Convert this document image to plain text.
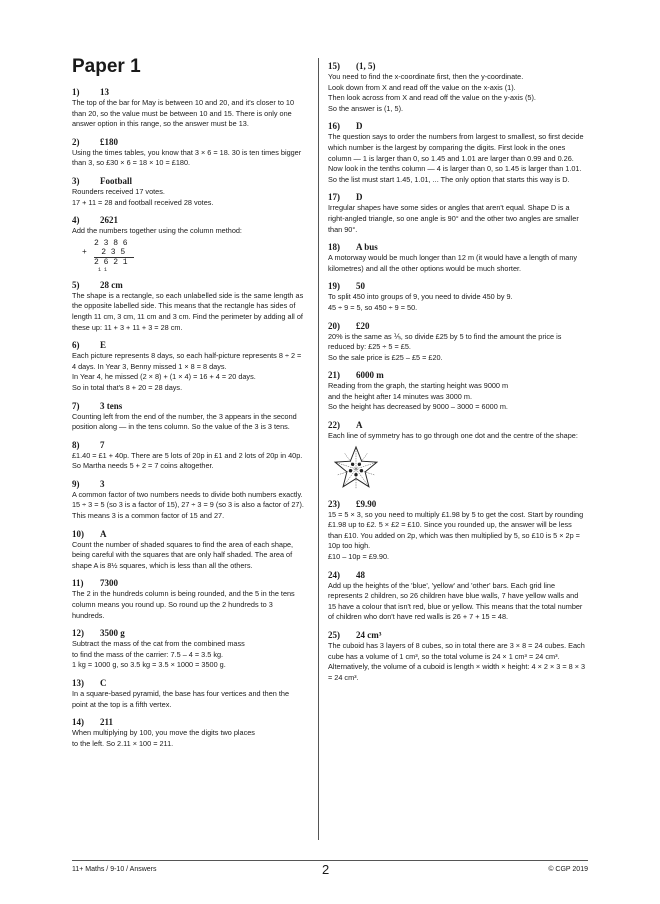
Paper 1
1) 13

The top of the bar for May is between 10 and 20, and it's closer to 10 than 20, so the value must be between 10 and 15. There is only one answer option in this range, so the answer must be 13.

2) £180

Using the times tables, you know that 3 × 6 = 18. 30 is ten times bigger than 3, so £30 × 6 = 18 × 10 = £180.

3) Football

Rounders received 17 votes.

17 + 11 = 28 and football received 28 votes.

4) 2621

Add the numbers together using the column method:

2 3 8 6
+   2 3 5
2 6 2 1
1 1
5) 28 cm

The shape is a rectangle, so each unlabelled side is the same length as the opposite labelled side. This means that the rectangle has sides of length 11 cm, 3 cm, 11 cm and 3 cm. Find the perimeter by adding all of these up: 11 + 3 + 11 + 3 = 28 cm.

6) E

Each picture represents 8 days, so each half-picture represents 8 ÷ 2 = 4 days. In Year 3, Benny missed 1 × 8 = 8 days.

In Year 4, he missed (2 × 8) + (1 × 4) = 16 + 4 = 20 days.

So in total that's 8 + 20 = 28 days.

7) 3 tens

Counting left from the end of the number, the 3 appears in the second position along — in the tens column. So the value of the 3 is 3 tens.

8) 7

£1.40 = £1 + 40p. There are 5 lots of 20p in £1 and 2 lots of 20p in 40p. So Martha needs 5 + 2 = 7 coins altogether.

9) 3

A common factor of two numbers needs to divide both numbers exactly. 15 ÷ 3 = 5 (so 3 is a factor of 15), 27 ÷ 3 = 9 (so 3 is also a factor of 27). This means 3 is a common factor of 15 and 27.

10) A

Count the number of shaded squares to find the area of each shape, being careful with the squares that are only half shaded. The area of shape A is 8½ squares, which is less than all the others.

11) 7300

The 2 in the hundreds column is being rounded, and the 5 in the tens column means you round up. So round up the 2 hundreds to 3 hundreds.

12) 3500 g

Subtract the mass of the cat from the combined mass

to find the mass of the carrier: 7.5 – 4 = 3.5 kg.

1 kg = 1000 g, so 3.5 kg = 3.5 × 1000 = 3500 g.

13) C

In a square-based pyramid, the base has four vertices and then the point at the top is a fifth vertex.

14) 211

When multiplying by 100, you move the digits two places

to the left. So 2.11 × 100 = 211.

15) (1, 5)

You need to find the x-coordinate first, then the y-coordinate.

Look down from X and read off the value on the x-axis (1).

Then look across from X and read off the value on the y-axis (5).

So the answer is (1, 5).

16) D

The question says to order the numbers from largest to smallest, so first decide which number is the largest by comparing the digits. First look in the ones column — 1 is larger than 0, so 1.45 and 1.01 are larger than 0.99 and 0.26. Now look in the tenths column — 4 is larger than 0, so 1.45 is larger than 1.01.

So the list must start 1.45, 1.01, ... The only option that starts this way is D.

17) D

Irregular shapes have some sides or angles that aren't equal. Shape D is a right-angled triangle, so one angle is 90° and the other two angles are smaller than 90°.

18) A bus

A motorway would be much longer than 12 m (it would have a length of many kilometres) and all the other options would be much shorter.

19) 50

To split 450 into groups of 9, you need to divide 450 by 9.

45 ÷ 9 = 5, so 450 ÷ 9 = 50.

20) £20

20% is the same as ⅕, so divide £25 by 5 to find the amount the price is reduced by: £25 ÷ 5 = £5.

So the sale price is £25 – £5 = £20.

21) 6000 m

Reading from the graph, the starting height was 9000 m

and the height after 14 minutes was 3000 m.

So the height has decreased by 9000 – 3000 = 6000 m.

22) A

Each line of symmetry has to go through one dot and the centre of the shape:

23) £9.90

15 = 5 × 3, so you need to multiply £1.98 by 5 to get the cost. Start by rounding £1.98 up to £2. 5 × £2 = £10. Since you rounded up, the answer will be less than £10. You added on 2p, which was then multiplied by 5, so £10 is 5 × 2p = 10p too high.

£10 – 10p = £9.90.

24) 48

Add up the heights of the 'blue', 'yellow' and 'other' bars. Each grid line represents 2 children, so 26 children have blue walls, 7 have yellow walls and 15 have a colour that isn't red, blue or yellow. This means that the total number of children who don't have red walls is 26 + 7 + 15 = 48.

25) 24 cm³

The cuboid has 3 layers of 8 cubes, so in total there are 3 × 8 = 24 cubes. Each cube has a volume of 1 cm³, so the total volume is 24 × 1 cm³ = 24 cm³. Alternatively, the volume of a cuboid is length × width × height: 4 × 2 × 3 = 8 × 3 = 24 cm³.

11+ Maths / 9-10 / Answers	2	© CGP 2019
